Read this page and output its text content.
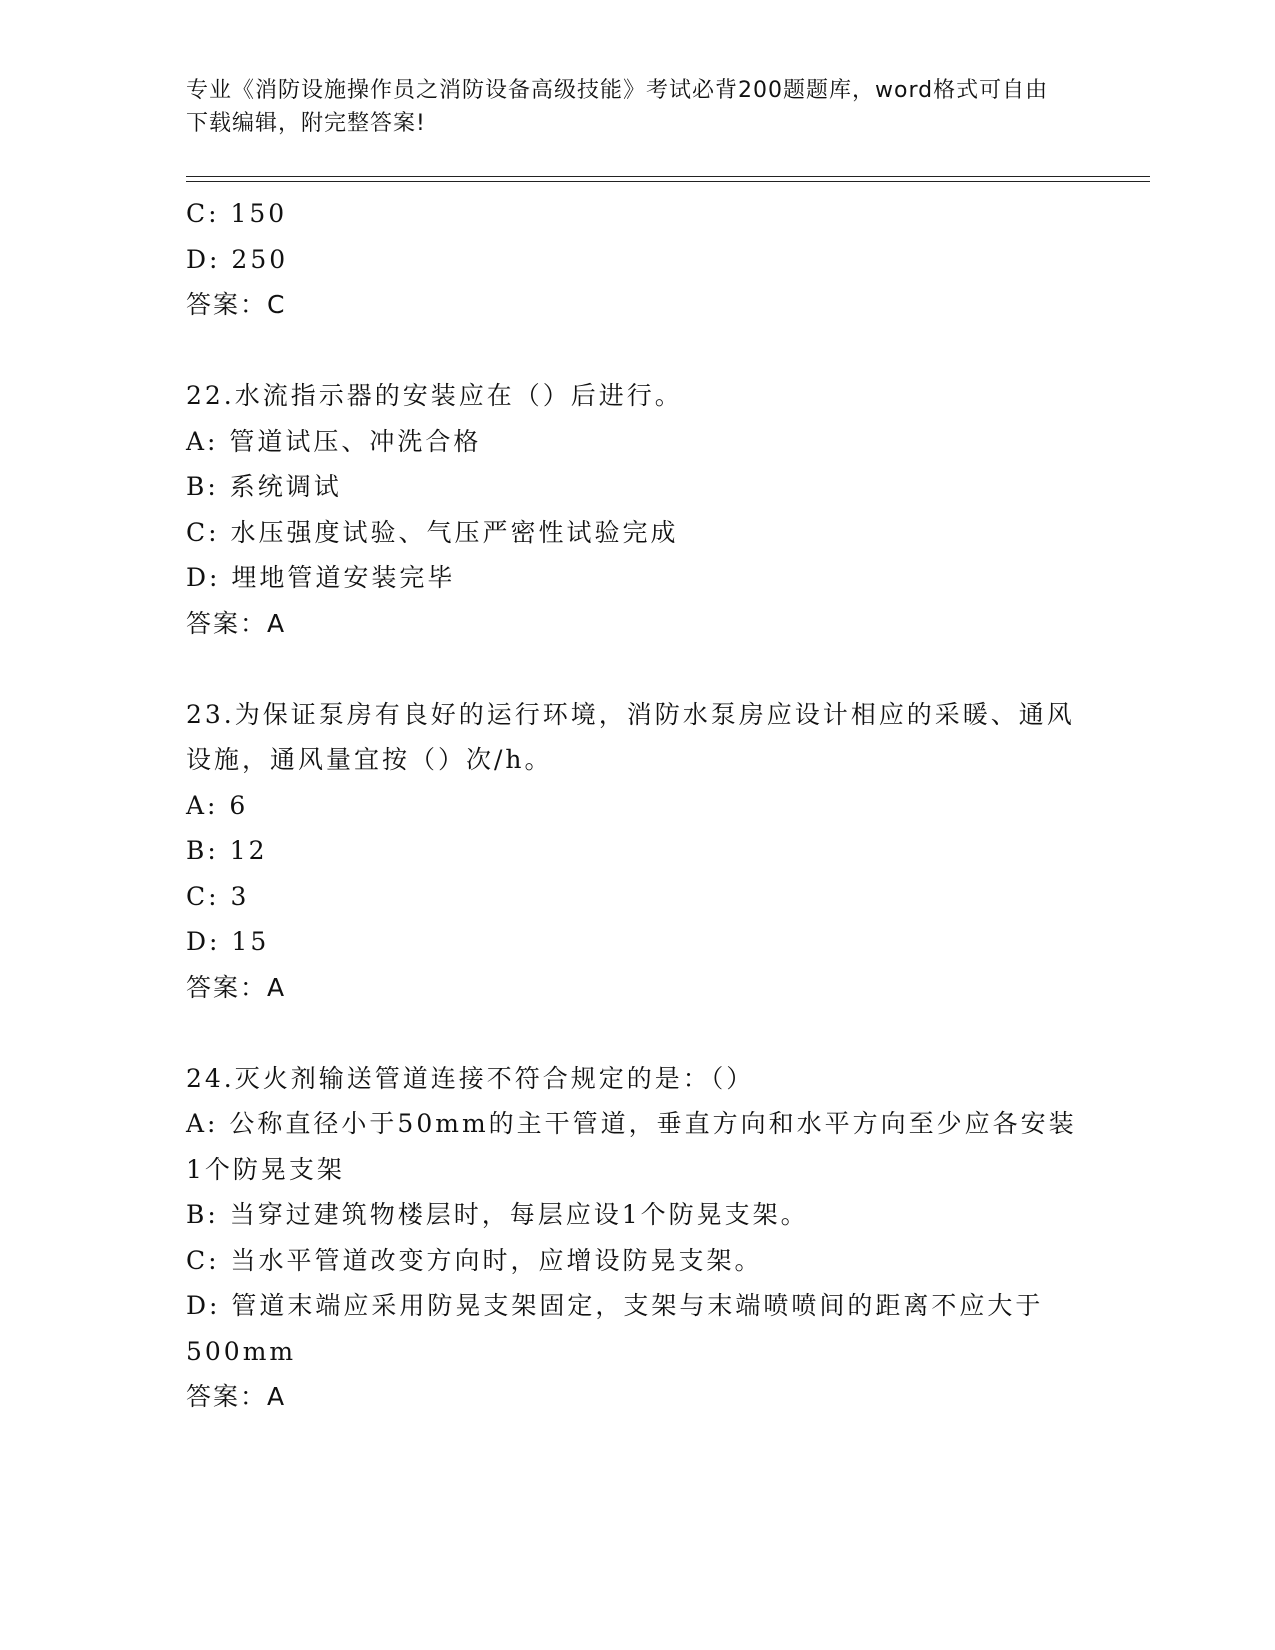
专业《消防设施操作员之消防设备高级技能》考试必背200题题库，word格式可自由下载编辑，附完整答案!
C: 150
D: 250
答案：C
22.水流指示器的安装应在（）后进行。
A: 管道试压、冲洗合格
B: 系统调试
C: 水压强度试验、气压严密性试验完成
D: 埋地管道安装完毕
答案：A
23.为保证泵房有良好的运行环境，消防水泵房应设计相应的采暖、通风设施，通风量宜按（）次/h。
A: 6
B: 12
C: 3
D: 15
答案：A
24.灭火剂输送管道连接不符合规定的是：（）
A: 公称直径小于50mm的主干管道，垂直方向和水平方向至少应各安装1个防晃支架
B: 当穿过建筑物楼层时，每层应设1个防晃支架。
C: 当水平管道改变方向时，应增设防晃支架。
D: 管道末端应采用防晃支架固定，支架与末端喷喷间的距离不应大于500mm
答案：A
